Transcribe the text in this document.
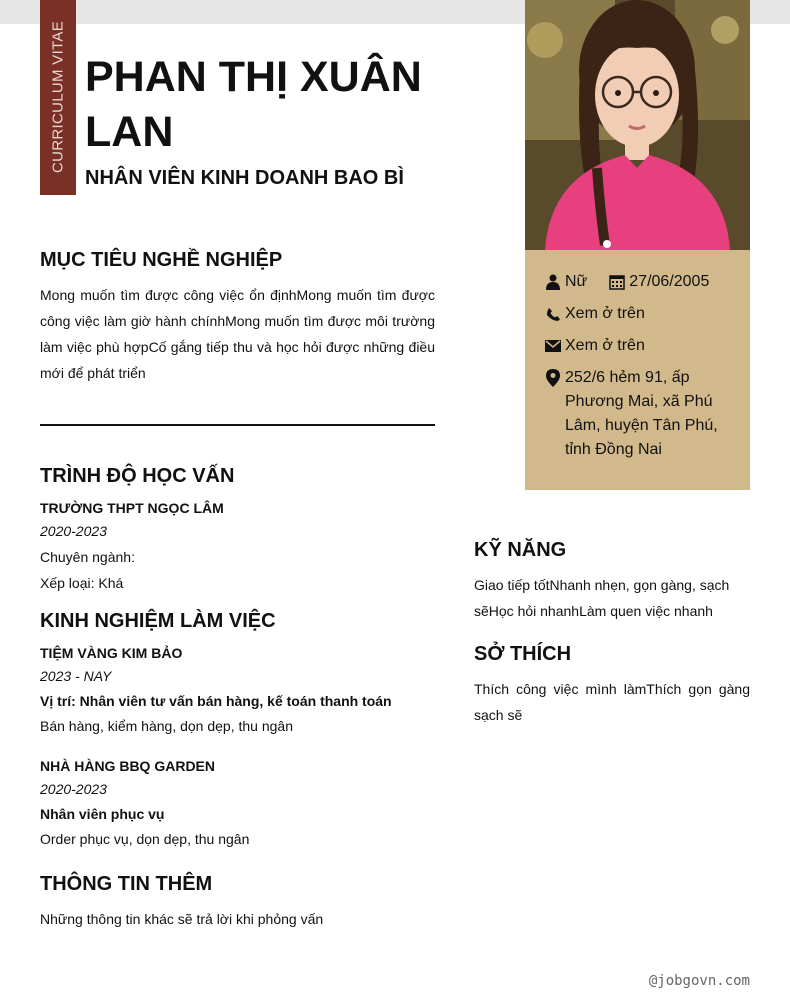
CURRICULUM VITAE PHAN THỊ XUÂN LAN
NHÂN VIÊN KINH DOANH BAO BÌ
Nữ	27/06/2005
Xem ở trên
Xem ở trên
252/6 hẻm 91, ấp Phương Mai, xã Phú Lâm, huyện Tân Phú, tỉnh Đồng Nai
MỤC TIÊU NGHỀ NGHIỆP

Mong muốn tìm được công việc ổn địnhMong muốn tìm được công việc làm giờ hành chínhMong muốn tìm được môi trường làm việc phù hợpCố gắng tiếp thu và học hỏi được những điều mới để phát triển

TRÌNH ĐỘ HỌC VẤN
TRƯỜNG THPT NGỌC LÂM
2020-2023
Chuyên ngành:
Xếp loại: Khá
KINH NGHIỆM LÀM VIỆC
TIỆM VÀNG KIM BẢO
2023 - NAY
Vị trí: Nhân viên tư vấn bán hàng, kế toán thanh toán
Bán hàng, kiểm hàng, dọn dẹp, thu ngân
NHÀ HÀNG BBQ GARDEN
2020-2023
Nhân viên phục vụ
Order phục vụ, dọn dẹp, thu ngân
THÔNG TIN THÊM

Những thông tin khác sẽ trả lời khi phỏng vấn

KỸ NĂNG

Giao tiếp tốtNhanh nhẹn, gọn gàng, sạch sẽHọc hỏi nhanhLàm quen việc nhanh

SỞ THÍCH

Thích công việc mình làmThích gọn gàng sạch sẽ

@jobgovn.com
